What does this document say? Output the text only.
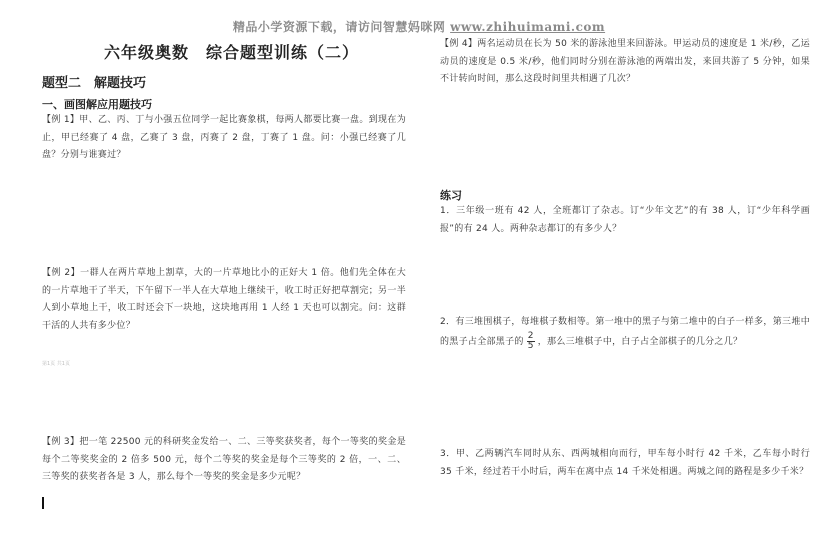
精品小学资源下载，请访问智慧妈咪网 www.zhihuimami.com
六年级奥数　综合题型训练（二）
题型二　解题技巧
一、画图解应用题技巧
【例 1】甲、乙、丙、丁与小强五位同学一起比赛象棋，每两人都要比赛一盘。到现在为止，甲已经赛了 4 盘，乙赛了 3 盘，丙赛了 2 盘，丁赛了 1 盘。问：小强已经赛了几盘？分别与谁赛过？
【例 2】一群人在两片草地上割草，大的一片草地比小的正好大 1 倍。他们先全体在大的一片草地干了半天，下午留下一半人在大草地上继续干，收工时正好把草割完；另一半人到小草地上干，收工时还会下一块地，这块地再用 1 人经 1 天也可以割完。问：这群干活的人共有多少位？
第1页 共1页
【例 3】把一笔 22500 元的科研奖金发给一、二、三等奖获奖者，每个一等奖的奖金是每个二等奖奖金的 2 倍多 500 元，每个二等奖的奖金是每个三等奖的 2 倍，一、二、三等奖的获奖者各是 3 人，那么每个一等奖的奖金是多少元呢？
【例 4】两名运动员在长为 50 米的游泳池里来回游泳。甲运动员的速度是 1 米/秒，乙运动员的速度是 0.5 米/秒，他们同时分别在游泳池的两端出发，来回共游了 5 分钟，如果不计转向时间，那么这段时间里共相遇了几次？
练习
1．三年级一班有 42 人，全班都订了杂志。订“少年文艺”的有 38 人，订“少年科学画报”的有 24 人。两种杂志都订的有多少人？
2．有三堆围棋子，每堆棋子数相等。第一堆中的黑子与第二堆中的白子一样多，第三堆中的黑子占全部黑子的 $\frac{2}{5}$ ，那么三堆棋子中，白子占全部棋子的几分之几？
3．甲、乙两辆汽车同时从东、西两城相向而行，甲车每小时行 42 千米，乙车每小时行 35 千米，经过若干小时后，两车在离中点 14 千米处相遇。两城之间的路程是多少千米？
